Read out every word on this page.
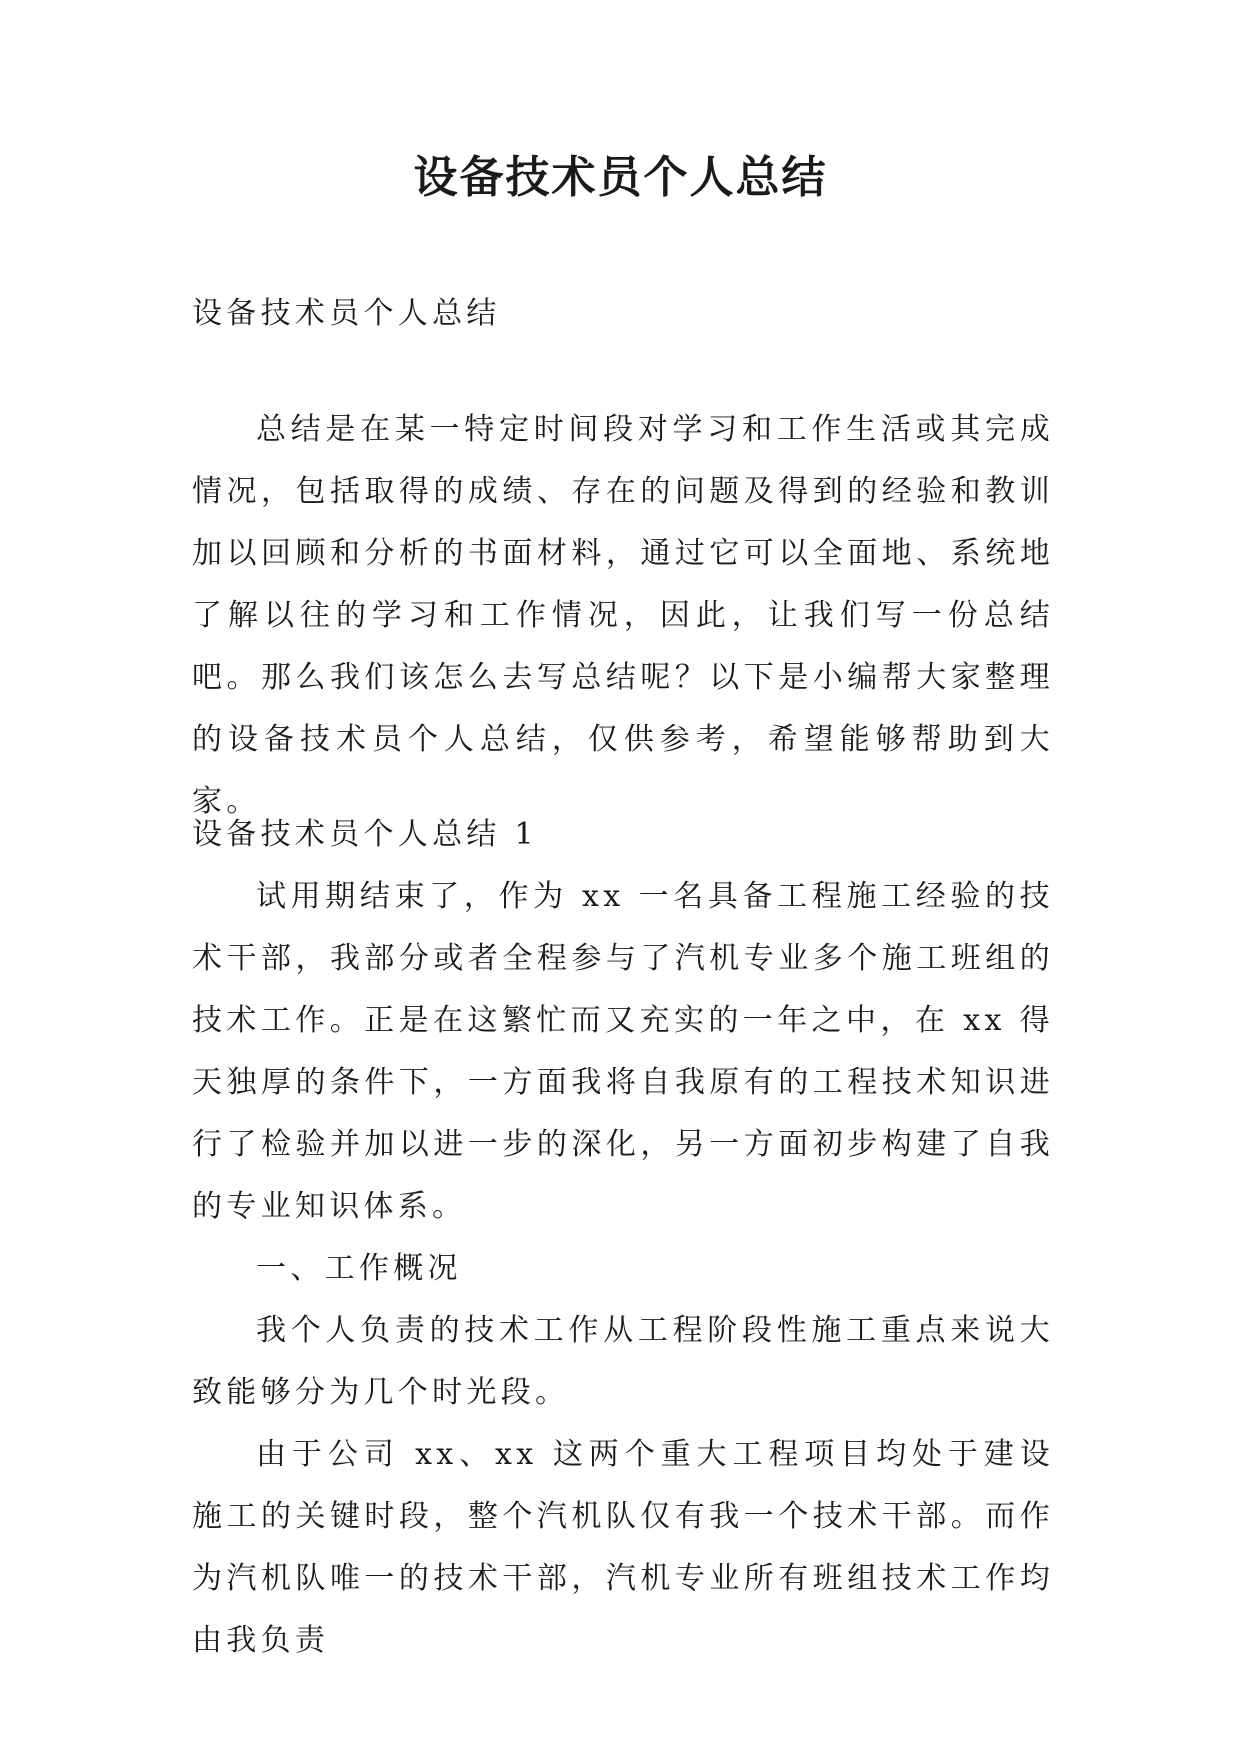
设备技术员个人总结
设备技术员个人总结

总结是在某一特定时间段对学习和工作生活或其完成情况，包括取得的成绩、存在的问题及得到的经验和教训加以回顾和分析的书面材料，通过它可以全面地、系统地了解以往的学习和工作情况，因此，让我们写一份总结吧。那么我们该怎么去写总结呢？以下是小编帮大家整理的设备技术员个人总结，仅供参考，希望能够帮助到大家。

设备技术员个人总结 1

试用期结束了，作为 xx 一名具备工程施工经验的技术干部，我部分或者全程参与了汽机专业多个施工班组的技术工作。正是在这繁忙而又充实的一年之中，在 xx 得天独厚的条件下，一方面我将自我原有的工程技术知识进行了检验并加以进一步的深化，另一方面初步构建了自我的专业知识体系。

一、工作概况

我个人负责的技术工作从工程阶段性施工重点来说大致能够分为几个时光段。

由于公司 xx、xx 这两个重大工程项目均处于建设施工的关键时段，整个汽机队仅有我一个技术干部。而作为汽机队唯一的技术干部，汽机专业所有班组技术工作均由我负责
